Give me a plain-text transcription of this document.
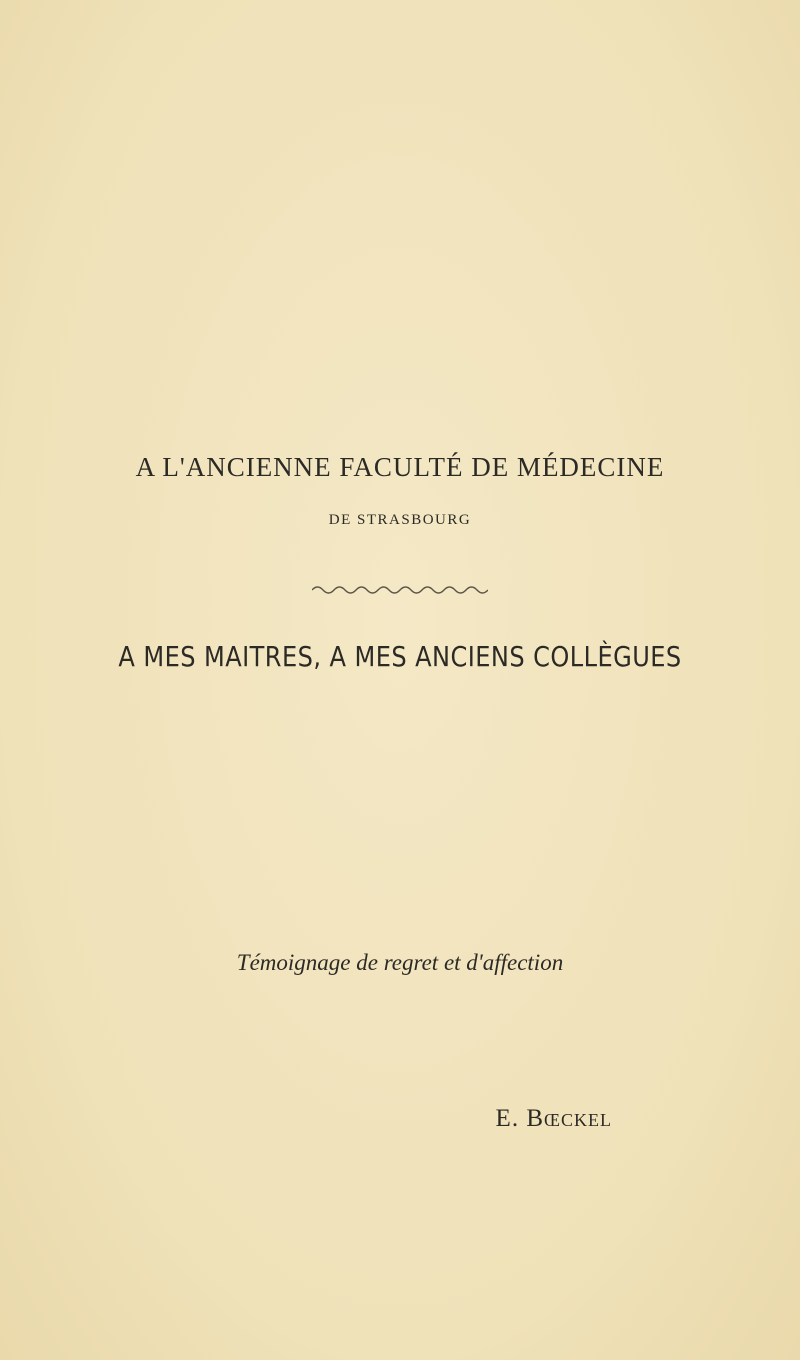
A L'ANCIENNE FACULTÉ DE MÉDECINE
DE STRASBOURG
A MES MAITRES, A MES ANCIENS COLLÈGUES
Témoignage de regret et d'affection
E. Bœckel
